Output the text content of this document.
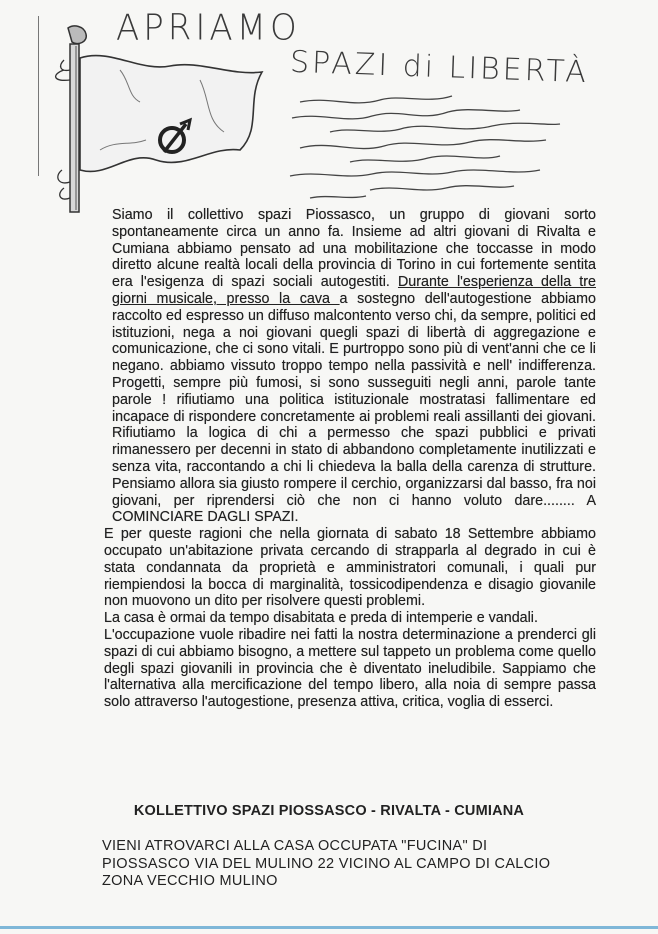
APRIAMO
SPAZI di LIBERTÀ

Siamo il collettivo spazi Piossasco, un gruppo di giovani sorto spontaneamente circa un anno fa. Insieme ad altri giovani di Rivalta e Cumiana abbiamo pensato ad una mobilitazione che toccasse in modo diretto alcune realtà locali della provincia di Torino in cui fortemente sentita era l'esigenza di spazi sociali autogestiti. Durante l'esperienza della tre giorni musicale, presso la cava a sostegno dell'autogestione abbiamo raccolto ed espresso un diffuso malcontento verso chi, da sempre, politici ed istituzioni, nega a noi giovani quegli spazi di libertà di aggregazione e comunicazione, che ci sono vitali. E purtroppo sono più di vent'anni che ce li negano. abbiamo vissuto troppo tempo nella passività e nell' indifferenza. Progetti, sempre più fumosi, si sono susseguiti negli anni, parole tante parole ! rifiutiamo una politica istituzionale mostratasi fallimentare ed incapace di rispondere concretamente ai problemi reali assillanti dei giovani. Rifiutiamo la logica di chi a permesso che spazi pubblici e privati rimanessero per decenni in stato di abbandono completamente inutilizzati e senza vita, raccontando a chi li chiedeva la balla della carenza di strutture. Pensiamo allora sia giusto rompere il cerchio, organizzarsi dal basso, fra noi giovani, per riprendersi ciò che non ci hanno voluto dare........ A COMINCIARE DAGLI SPAZI.

E per queste ragioni che nella giornata di sabato 18 Settembre abbiamo occupato un'abitazione privata cercando di strapparla al degrado in cui è stata condannata da proprietà e amministratori comunali, i quali pur riempiendosi la bocca di marginalità, tossicodipendenza e disagio giovanile non muovono un dito per risolvere questi problemi.

La casa è ormai da tempo disabitata e preda di intemperie e vandali.

L'occupazione vuole ribadire nei fatti la nostra determinazione a prenderci gli spazi di cui abbiamo bisogno, a mettere sul tappeto un problema come quello degli spazi giovanili in provincia che è diventato ineludibile. Sappiamo che l'alternativa alla mercificazione del tempo libero, alla noia di sempre passa solo attraverso l'autogestione, presenza attiva, critica, voglia di esserci.

KOLLETTIVO SPAZI PIOSSASCO - RIVALTA - CUMIANA
VIENI ATROVARCI ALLA CASA OCCUPATA "FUCINA" DI
PIOSSASCO VIA DEL MULINO 22 VICINO AL CAMPO DI CALCIO
ZONA VECCHIO MULINO
